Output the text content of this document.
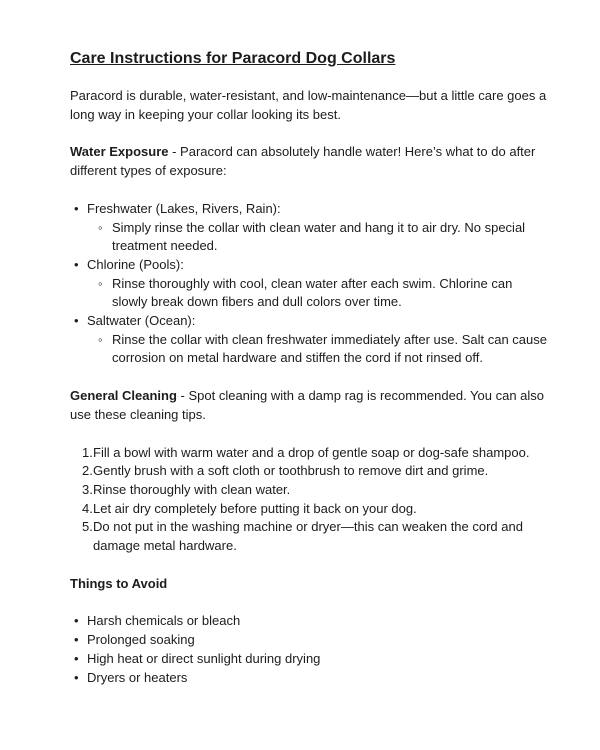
Care Instructions for Paracord Dog Collars

Paracord is durable, water-resistant, and low-maintenance—but a little care goes a long way in keeping your collar looking its best.

Water Exposure - Paracord can absolutely handle water! Here’s what to do after different types of exposure:

• Freshwater (Lakes, Rivers, Rain):
◦ Simply rinse the collar with clean water and hang it to air dry. No special treatment needed.
• Chlorine (Pools):
◦ Rinse thoroughly with cool, clean water after each swim. Chlorine can slowly break down fibers and dull colors over time.
• Saltwater (Ocean):
◦ Rinse the collar with clean freshwater immediately after use. Salt can cause corrosion on metal hardware and stiffen the cord if not rinsed off.

General Cleaning - Spot cleaning with a damp rag is recommended. You can also use these cleaning tips.

Fill a bowl with warm water and a drop of gentle soap or dog-safe shampoo.
Gently brush with a soft cloth or toothbrush to remove dirt and grime.
Rinse thoroughly with clean water.
Let air dry completely before putting it back on your dog.
Do not put in the washing machine or dryer—this can weaken the cord and damage metal hardware.

Things to Avoid

• Harsh chemicals or bleach
• Prolonged soaking
• High heat or direct sunlight during drying
• Dryers or heaters
